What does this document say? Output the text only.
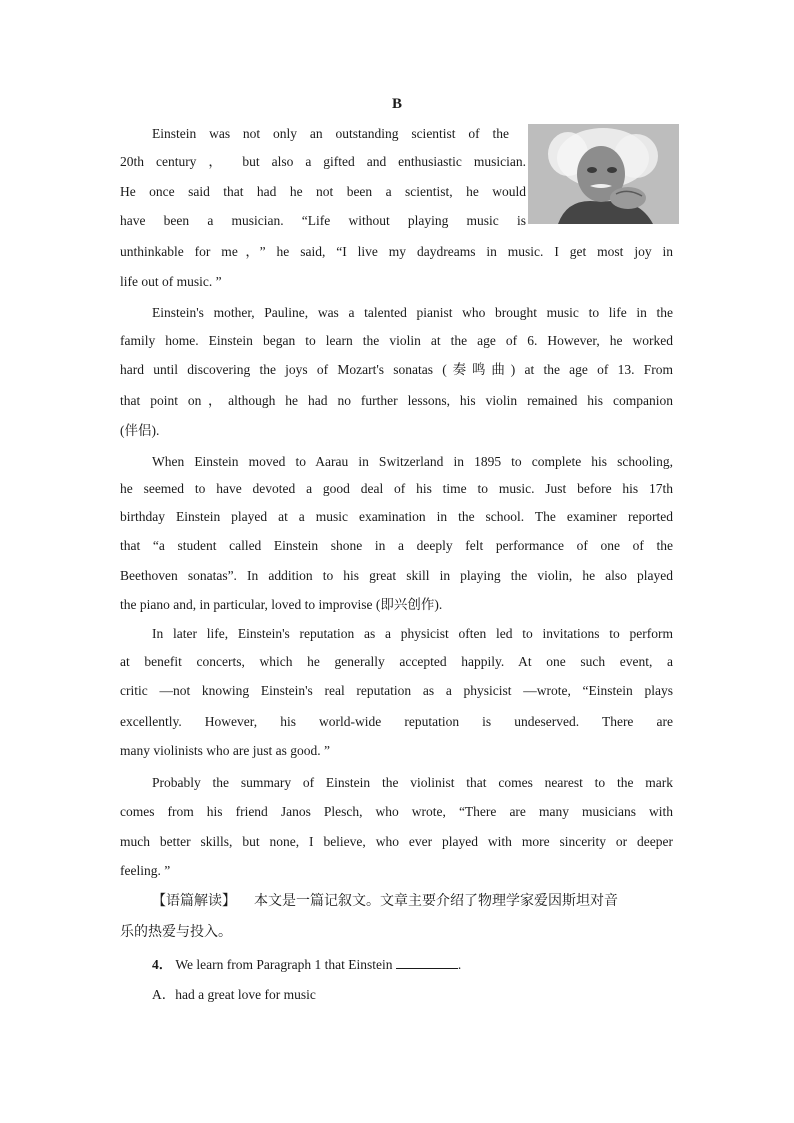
B
Einstein was not only an outstanding scientist of the
20th century ， but also a gifted and enthusiastic musician.
He once said that had he not been a scientist, he would
have been a musician. “Life without playing music is
unthinkable for me，” he said, “I live my daydreams in music. I get most joy in
life out of music. ”
Einstein's mother, Pauline, was a talented pianist who brought music to life in the
family home. Einstein began to learn the violin at the age of 6. However, he worked
hard until discovering the joys of Mozart's sonatas (奏鸣曲) at the age of 13. From
that point on，although he had no further lessons, his violin remained his companion
(伴侣).
When Einstein moved to Aarau in Switzerland in 1895 to complete his schooling,
he seemed to have devoted a good deal of his time to music. Just before his 17th
birthday Einstein played at a music examination in the school. The examiner reported
that “a student called Einstein shone in a deeply felt performance of one of the
Beethoven sonatas”. In addition to his great skill in playing the violin, he also played
the piano and, in particular, loved to improvise (即兴创作).
In later life, Einstein's reputation as a physicist often led to invitations to perform
at benefit concerts, which he generally accepted happily. At one such event, a
critic —not knowing Einstein's real reputation as a physicist —wrote, “Einstein plays
excellently. However, his world‑wide reputation is undeserved. There are
many violinists who are just as good. ”
Probably the summary of Einstein the violinist that comes nearest to the mark
comes from his friend Janos Plesch, who wrote, “There are many musicians with
much better skills, but none, I believe, who ever played with more sincerity or deeper
feeling. ”
【语篇解读】 本文是一篇记叙文。文章主要介绍了物理学家爱因斯坦对音
乐的热爱与投入。
4． We learn from Paragraph 1 that Einstein	.
A．had a great love for music
